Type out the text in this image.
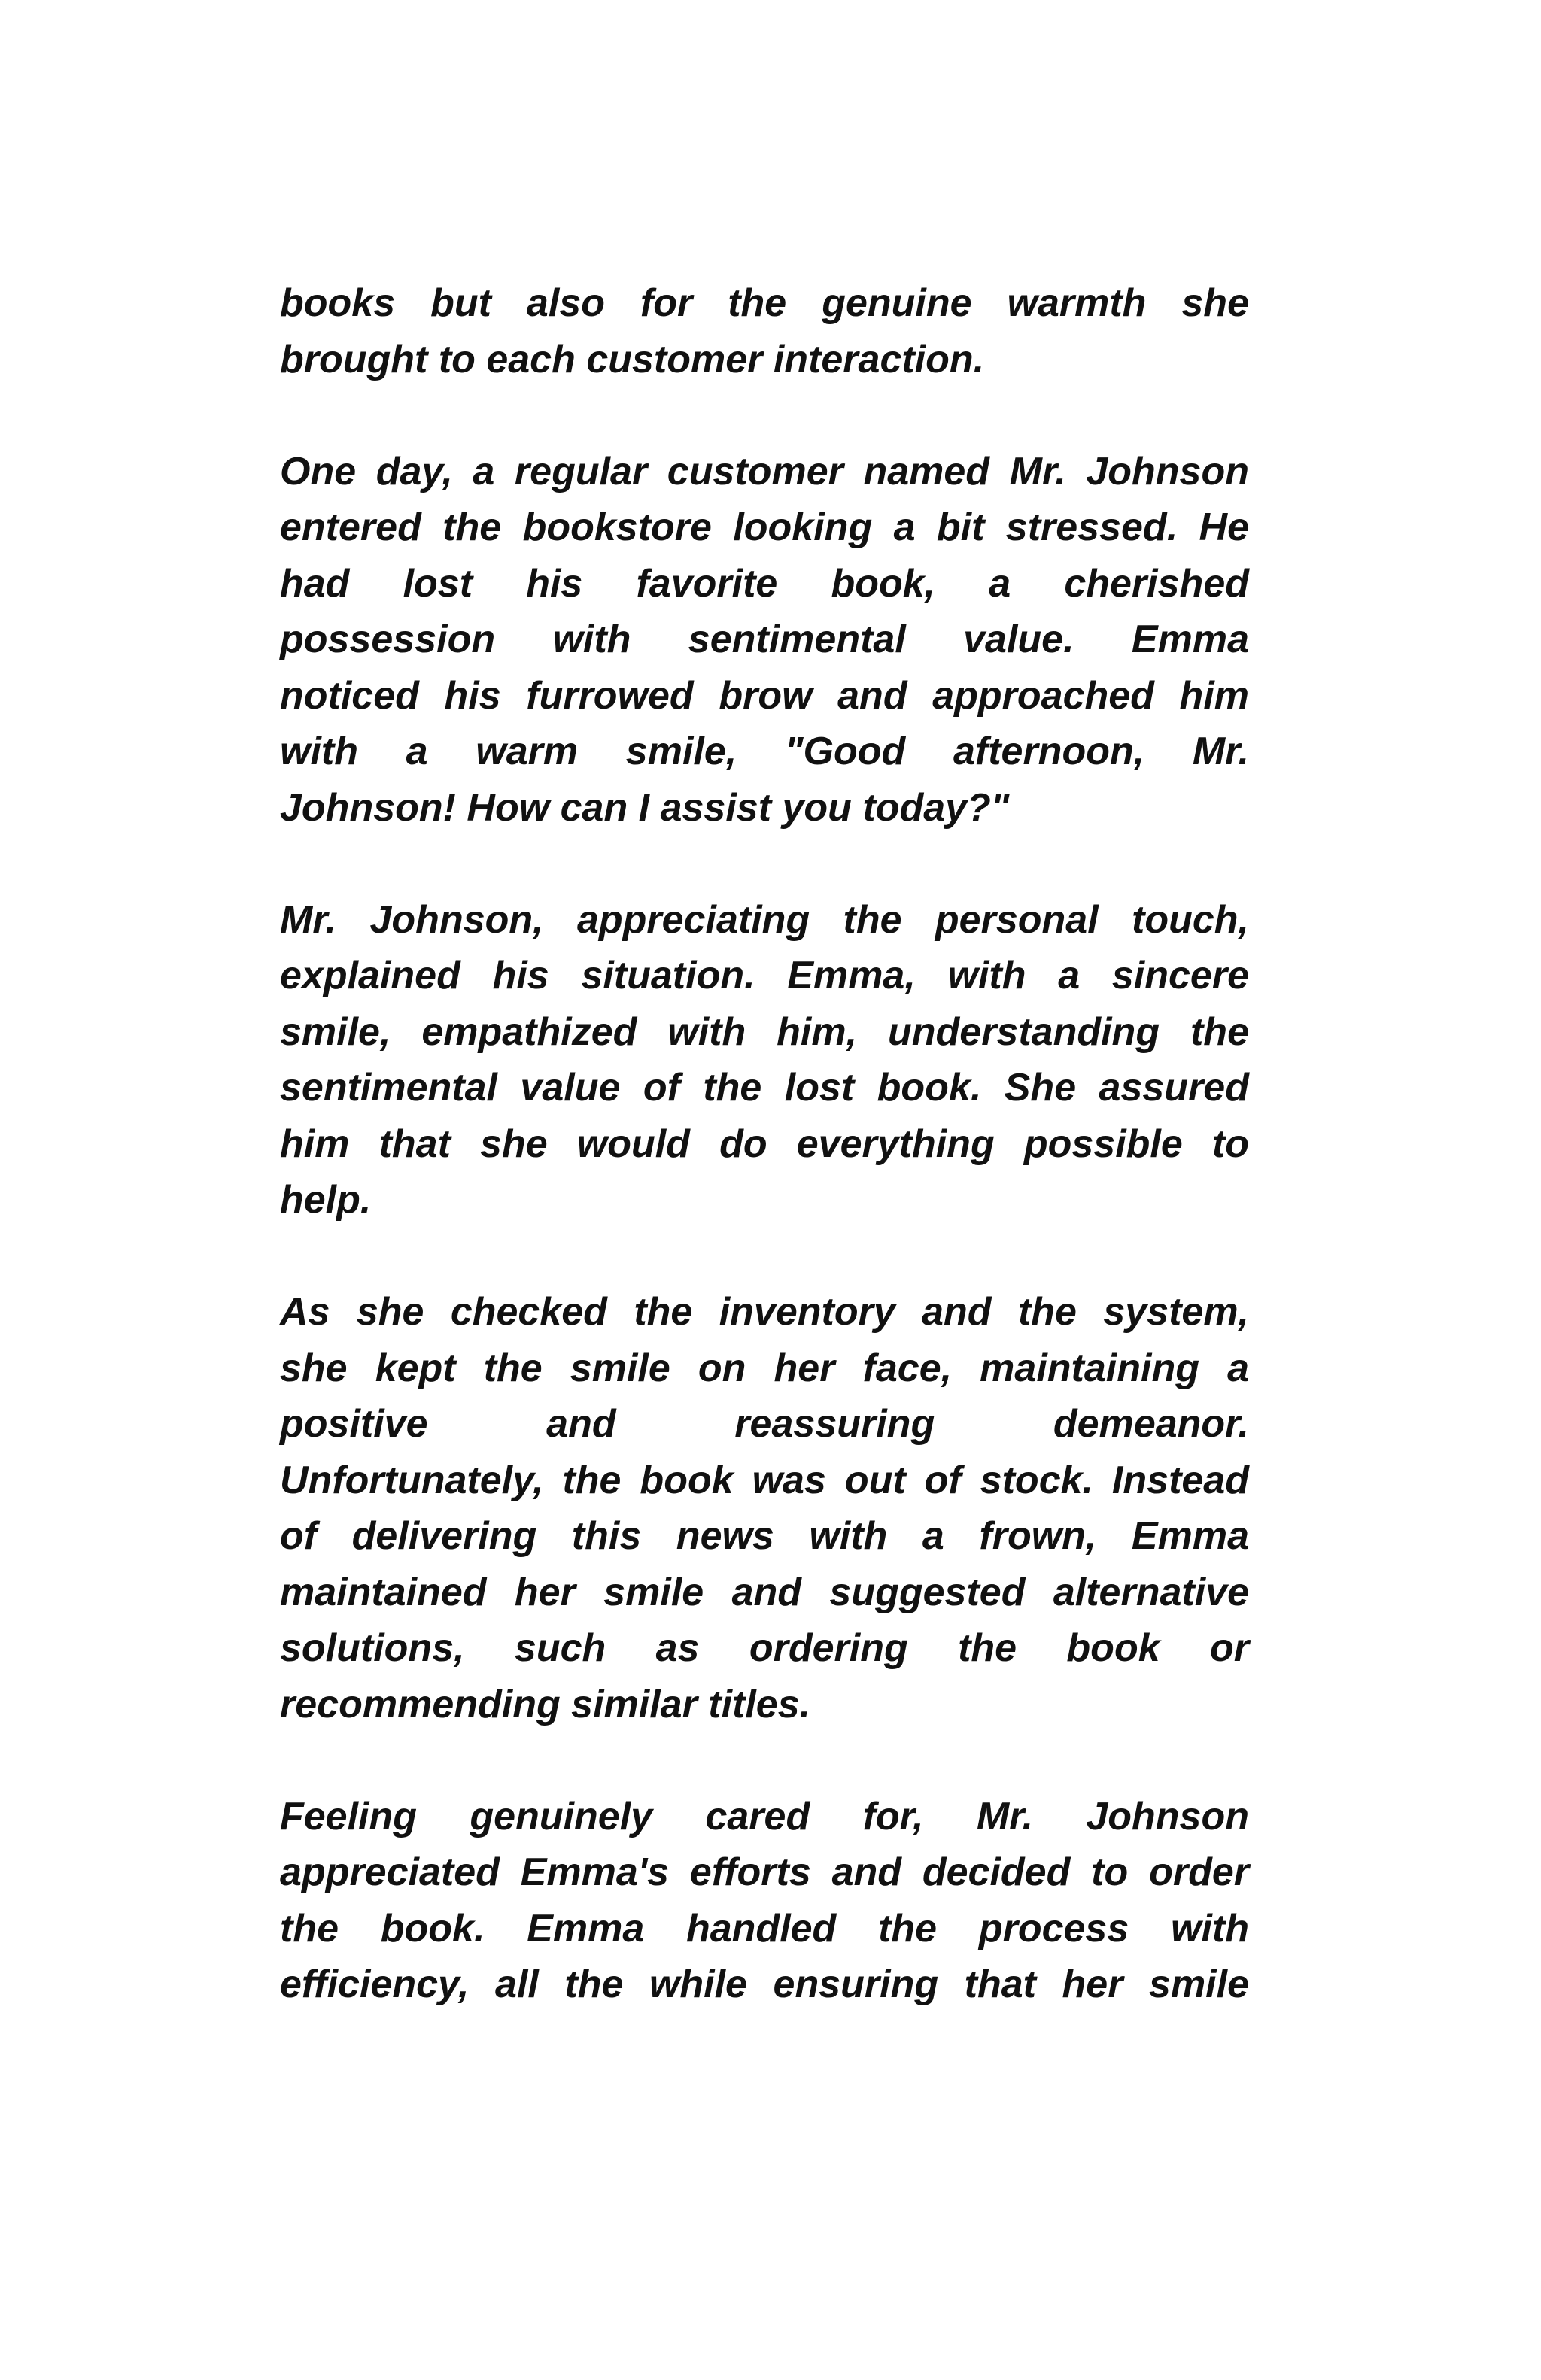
books but also for the genuine warmth she
brought to each customer interaction.

One day, a regular customer named Mr. Johnson
entered the bookstore looking a bit stressed. He
had lost his favorite book, a cherished
possession with sentimental value. Emma
noticed his furrowed brow and approached him
with a warm smile, "Good afternoon, Mr.
Johnson! How can I assist you today?"

Mr. Johnson, appreciating the personal touch,
explained his situation. Emma, with a sincere
smile, empathized with him, understanding the
sentimental value of the lost book. She assured
him that she would do everything possible to
help.

As she checked the inventory and the system,
she kept the smile on her face, maintaining a
positive and reassuring demeanor.
Unfortunately, the book was out of stock. Instead
of delivering this news with a frown, Emma
maintained her smile and suggested alternative
solutions, such as ordering the book or
recommending similar titles.

Feeling genuinely cared for, Mr. Johnson
appreciated Emma's efforts and decided to order
the book. Emma handled the process with
efficiency, all the while ensuring that her smile
